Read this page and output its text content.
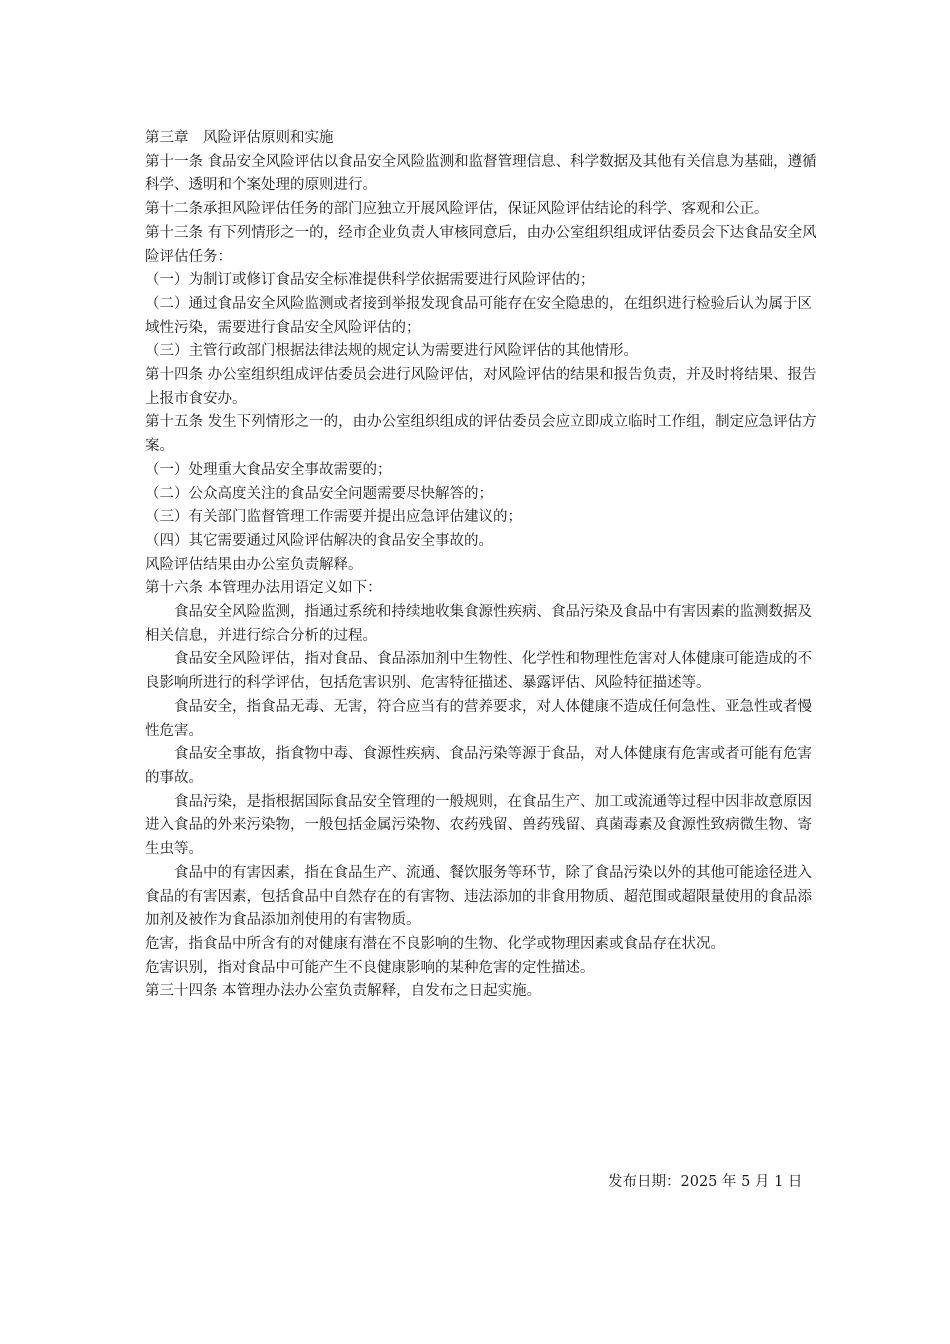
第三章　风险评估原则和实施

第十一条 食品安全风险评估以食品安全风险监测和监督管理信息、科学数据及其他有关信息为基础，遵循科学、透明和个案处理的原则进行。

第十二条承担风险评估任务的部门应独立开展风险评估，保证风险评估结论的科学、客观和公正。

第十三条 有下列情形之一的，经市企业负责人审核同意后，由办公室组织组成评估委员会下达食品安全风险评估任务：

（一）为制订或修订食品安全标准提供科学依据需要进行风险评估的；

（二）通过食品安全风险监测或者接到举报发现食品可能存在安全隐患的，在组织进行检验后认为属于区域性污染，需要进行食品安全风险评估的；

（三）主管行政部门根据法律法规的规定认为需要进行风险评估的其他情形。

第十四条 办公室组织组成评估委员会进行风险评估，对风险评估的结果和报告负责，并及时将结果、报告上报市食安办。

第十五条 发生下列情形之一的，由办公室组织组成的评估委员会应立即成立临时工作组，制定应急评估方案。

（一）处理重大食品安全事故需要的；

（二）公众高度关注的食品安全问题需要尽快解答的；

（三）有关部门监督管理工作需要并提出应急评估建议的；

（四）其它需要通过风险评估解决的食品安全事故的。

风险评估结果由办公室负责解释。

第十六条 本管理办法用语定义如下：

食品安全风险监测，指通过系统和持续地收集食源性疾病、食品污染及食品中有害因素的监测数据及相关信息，并进行综合分析的过程。

食品安全风险评估，指对食品、食品添加剂中生物性、化学性和物理性危害对人体健康可能造成的不良影响所进行的科学评估，包括危害识别、危害特征描述、暴露评估、风险特征描述等。

食品安全，指食品无毒、无害，符合应当有的营养要求，对人体健康不造成任何急性、亚急性或者慢性危害。

食品安全事故，指食物中毒、食源性疾病、食品污染等源于食品，对人体健康有危害或者可能有危害的事故。

食品污染，是指根据国际食品安全管理的一般规则，在食品生产、加工或流通等过程中因非故意原因进入食品的外来污染物，一般包括金属污染物、农药残留、兽药残留、真菌毒素及食源性致病微生物、寄生虫等。

食品中的有害因素，指在食品生产、流通、餐饮服务等环节，除了食品污染以外的其他可能途径进入食品的有害因素，包括食品中自然存在的有害物、违法添加的非食用物质、超范围或超限量使用的食品添加剂及被作为食品添加剂使用的有害物质。

危害，指食品中所含有的对健康有潜在不良影响的生物、化学或物理因素或食品存在状况。

危害识别，指对食品中可能产生不良健康影响的某种危害的定性描述。

第三十四条 本管理办法办公室负责解释，自发布之日起实施。

发布日期：2025 年 5 月 1 日
